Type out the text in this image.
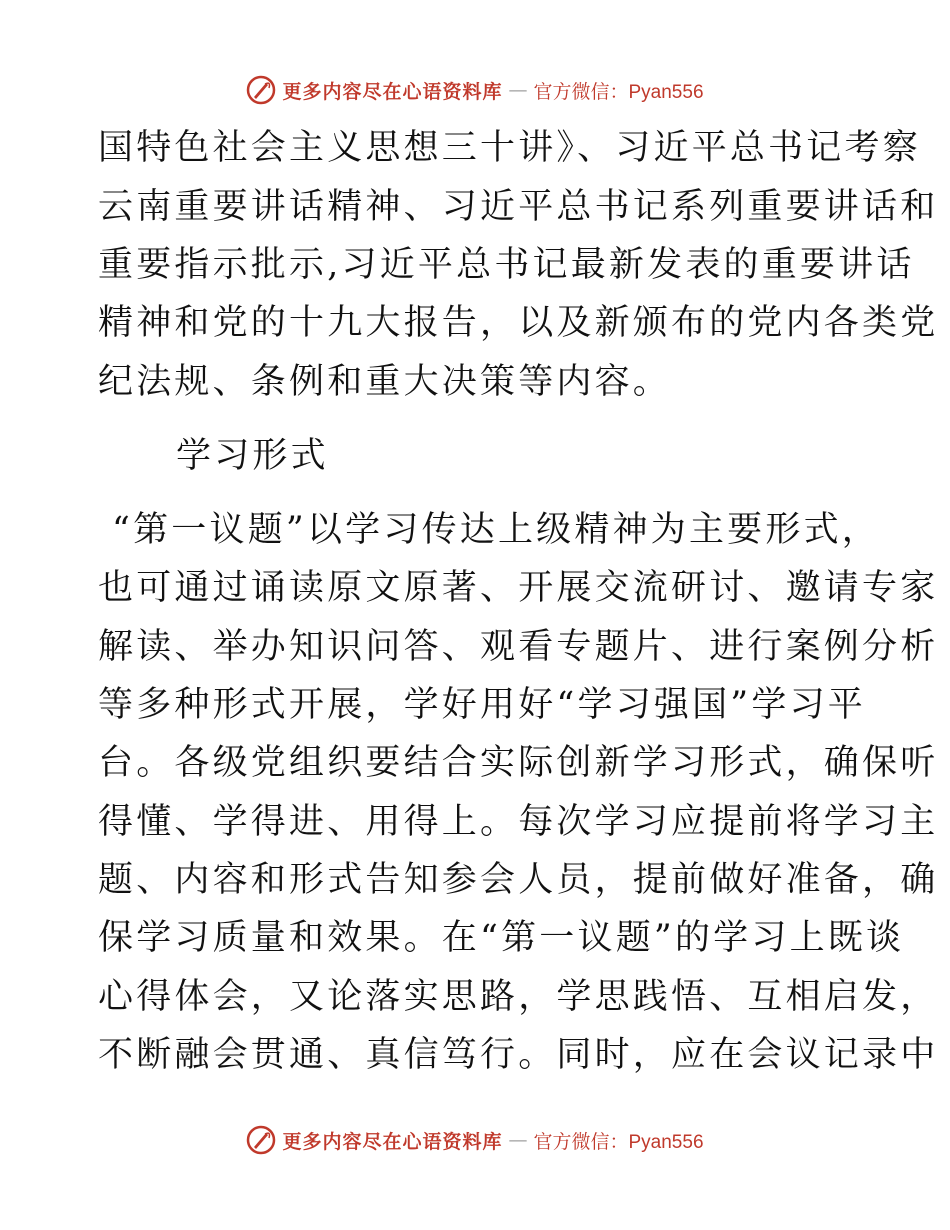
更多内容尽在心语资料库 — 官方微信：Pyan556
国特色社会主义思想三十讲》、习近平总书记考察
云南重要讲话精神、习近平总书记系列重要讲话和
重要指示批示,习近平总书记最新发表的重要讲话
精神和党的十九大报告，以及新颁布的党内各类党
纪法规、条例和重大决策等内容。
学习形式
“第一议题”以学习传达上级精神为主要形式，
也可通过诵读原文原著、开展交流研讨、邀请专家
解读、举办知识问答、观看专题片、进行案例分析
等多种形式开展，学好用好“学习强国”学习平
台。各级党组织要结合实际创新学习形式，确保听
得懂、学得进、用得上。每次学习应提前将学习主
题、内容和形式告知参会人员，提前做好准备，确
保学习质量和效果。在“第一议题”的学习上既谈
心得体会，又论落实思路，学思践悟、互相启发，
不断融会贯通、真信笃行。同时，应在会议记录中
更多内容尽在心语资料库 — 官方微信：Pyan556
